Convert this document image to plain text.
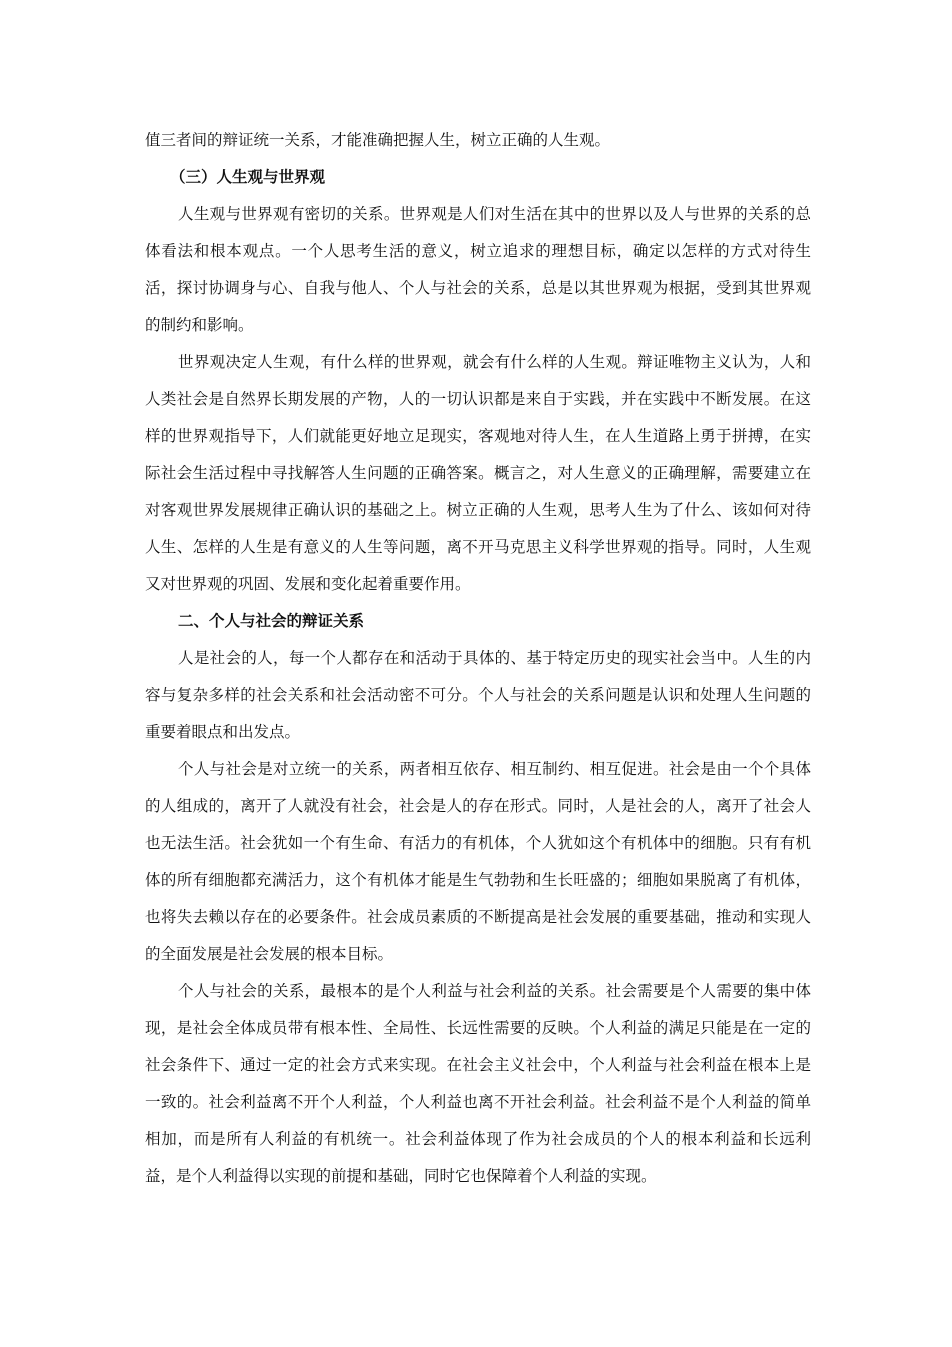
值三者间的辩证统一关系，才能准确把握人生，树立正确的人生观。

（三）人生观与世界观

人生观与世界观有密切的关系。世界观是人们对生活在其中的世界以及人与世界的关系的总体看法和根本观点。一个人思考生活的意义，树立追求的理想目标，确定以怎样的方式对待生活，探讨协调身与心、自我与他人、个人与社会的关系，总是以其世界观为根据，受到其世界观的制约和影响。

世界观决定人生观，有什么样的世界观，就会有什么样的人生观。辩证唯物主义认为，人和人类社会是自然界长期发展的产物，人的一切认识都是来自于实践，并在实践中不断发展。在这样的世界观指导下，人们就能更好地立足现实，客观地对待人生，在人生道路上勇于拼搏，在实际社会生活过程中寻找解答人生问题的正确答案。概言之，对人生意义的正确理解，需要建立在对客观世界发展规律正确认识的基础之上。树立正确的人生观，思考人生为了什么、该如何对待人生、怎样的人生是有意义的人生等问题，离不开马克思主义科学世界观的指导。同时，人生观又对世界观的巩固、发展和变化起着重要作用。

二、个人与社会的辩证关系

人是社会的人，每一个人都存在和活动于具体的、基于特定历史的现实社会当中。人生的内容与复杂多样的社会关系和社会活动密不可分。个人与社会的关系问题是认识和处理人生问题的重要着眼点和出发点。

个人与社会是对立统一的关系，两者相互依存、相互制约、相互促进。社会是由一个个具体的人组成的，离开了人就没有社会，社会是人的存在形式。同时，人是社会的人，离开了社会人也无法生活。社会犹如一个有生命、有活力的有机体，个人犹如这个有机体中的细胞。只有有机体的所有细胞都充满活力，这个有机体才能是生气勃勃和生长旺盛的；细胞如果脱离了有机体，也将失去赖以存在的必要条件。社会成员素质的不断提高是社会发展的重要基础，推动和实现人的全面发展是社会发展的根本目标。

个人与社会的关系，最根本的是个人利益与社会利益的关系。社会需要是个人需要的集中体现，是社会全体成员带有根本性、全局性、长远性需要的反映。个人利益的满足只能是在一定的社会条件下、通过一定的社会方式来实现。在社会主义社会中，个人利益与社会利益在根本上是一致的。社会利益离不开个人利益，个人利益也离不开社会利益。社会利益不是个人利益的简单相加，而是所有人利益的有机统一。社会利益体现了作为社会成员的个人的根本利益和长远利益，是个人利益得以实现的前提和基础，同时它也保障着个人利益的实现。
